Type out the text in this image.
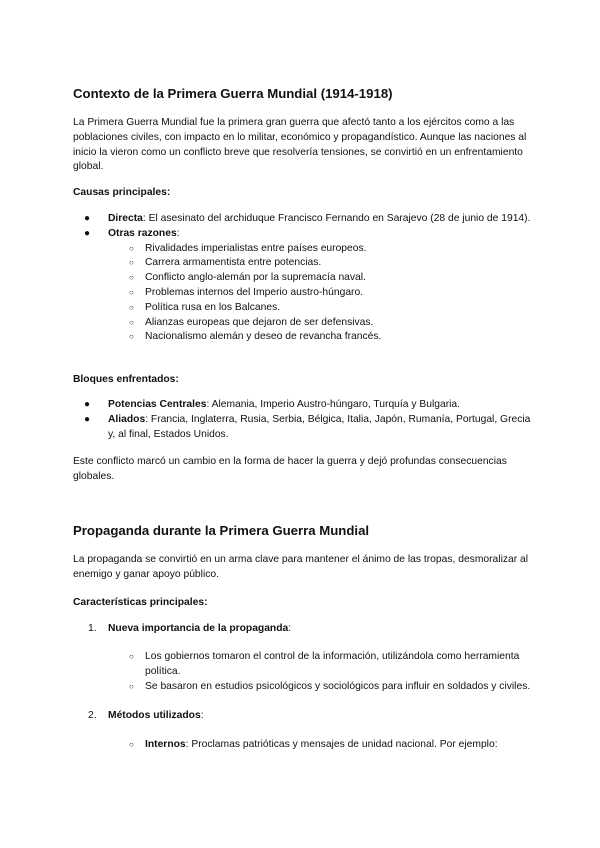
Contexto de la Primera Guerra Mundial (1914-1918)

La Primera Guerra Mundial fue la primera gran guerra que afectó tanto a los ejércitos como a las poblaciones civiles, con impacto en lo militar, económico y propagandístico. Aunque las naciones al inicio la vieron como un conflicto breve que resolvería tensiones, se convirtió en un enfrentamiento global.

Causas principales:

● Directa: El asesinato del archiduque Francisco Fernando en Sarajevo (28 de junio de 1914).
● Otras razones:
○ Rivalidades imperialistas entre países europeos.
○ Carrera armamentista entre potencias.
○ Conflicto anglo-alemán por la supremacía naval.
○ Problemas internos del Imperio austro-húngaro.
○ Política rusa en los Balcanes.
○ Alianzas europeas que dejaron de ser defensivas.
○ Nacionalismo alemán y deseo de revancha francés.

Bloques enfrentados:

● Potencias Centrales: Alemania, Imperio Austro-húngaro, Turquía y Bulgaria.
● Aliados: Francia, Inglaterra, Rusia, Serbia, Bélgica, Italia, Japón, Rumanía, Portugal, Grecia y, al final, Estados Unidos.

Este conflicto marcó un cambio en la forma de hacer la guerra y dejó profundas consecuencias globales.

Propaganda durante la Primera Guerra Mundial

La propaganda se convirtió en un arma clave para mantener el ánimo de las tropas, desmoralizar al enemigo y ganar apoyo público.

Características principales:

1. Nueva importancia de la propaganda:
○ Los gobiernos tomaron el control de la información, utilizándola como herramienta política.
○ Se basaron en estudios psicológicos y sociológicos para influir en soldados y civiles.
2. Métodos utilizados:
○ Internos: Proclamas patrióticas y mensajes de unidad nacional. Por ejemplo:
